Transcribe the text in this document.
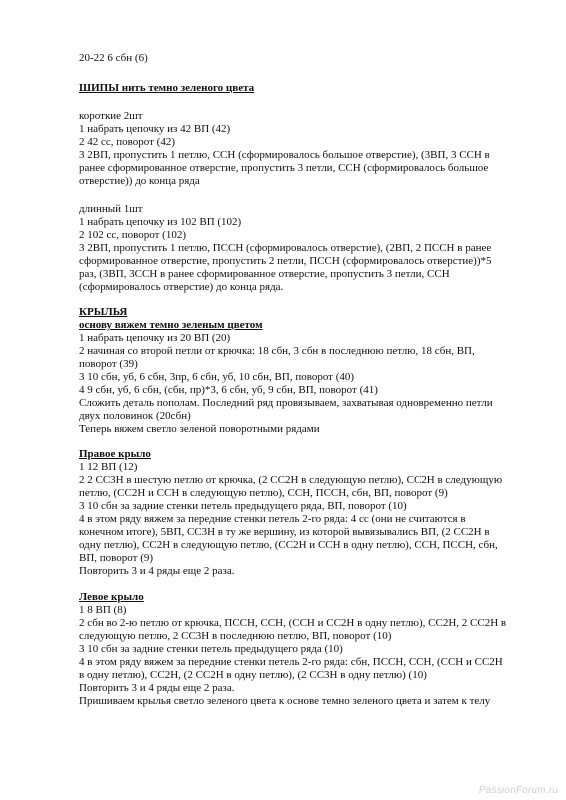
20-22 6 сбн (6)
ШИПЫ нить темно зеленого цвета
короткие 2шт
1 набрать цепочку из 42 ВП (42)
2 42 сс, поворот (42)
3 2ВП, пропустить 1 петлю, ССН (сформировалось большое отверстие), (3ВП, 3 ССН в
ранее сформированное отверстие, пропустить 3 петли, ССН (сформировалось большое
отверстие)) до конца ряда
длинный 1шт
1 набрать цепочку из 102 ВП (102)
2 102 сс, поворот (102)
3 2ВП, пропустить 1 петлю, ПССН (сформировалось отверстие), (2ВП, 2 ПССН в ранее
сформированное отверстие, пропустить 2 петли, ПССН (сформировалось отверстие))*5
раз, (3ВП, 3ССН в ранее сформированное отверстие, пропустить 3 петли, ССН
(сформировалось отверстие) до конца ряда.
КРЫЛЬЯ
основу вяжем темно зеленым цветом
1 набрать цепочку из 20 ВП (20)
2 начиная со второй петли от крючка: 18 сбн, 3 сбн в последнюю петлю, 18 сбн, ВП,
поворот (39)
3 10 сбн, уб, 6 сбн, 3пр, 6 сбн, уб, 10 сбн, ВП, поворот (40)
4 9 сбн, уб, 6 сбн, (сбн, пр)*3, 6 сбн, уб, 9 сбн, ВП, поворот (41)
Сложить деталь пополам. Последний ряд провязываем, захватывая одновременно петли
двух половинок (20сбн)
Теперь вяжем светло зеленой поворотными рядами
Правое крыло
1 12 ВП (12)
2 2 СС3Н в шестую петлю от крючка, (2 СС2Н в следующую петлю), СС2Н в следующую
петлю, (СС2Н и ССН в следующую петлю), ССН, ПССН, сбн, ВП, поворот (9)
3 10 сбн за задние стенки петель предыдущего ряда, ВП, поворот (10)
4 в этом ряду вяжем за передние стенки петель 2-го ряда: 4 сс (они не считаются в
конечном итоге), 5ВП, СС3Н в ту же вершину, из которой вывязывались ВП, (2 СС2Н в
одну петлю), СС2Н в следующую петлю, (СС2Н и ССН в одну петлю), ССН, ПССН, сбн,
ВП, поворот (9)
Повторить 3 и 4 ряды еще 2 раза.
Левое крыло
1 8 ВП (8)
2 сбн во 2-ю петлю от крючка, ПССН, ССН, (ССН и СС2Н в одну петлю), СС2Н, 2 СС2Н в
следующую петлю, 2 СС3Н в последнюю петлю, ВП, поворот (10)
3 10 сбн за задние стенки петель предыдущего ряда (10)
4 в этом ряду вяжем за передние стенки петель 2-го ряда: сбн, ПССН, ССН, (ССН и СС2Н
в одну петлю), СС2Н, (2 СС2Н в одну петлю), (2 СС3Н в одну петлю) (10)
Повторить 3 и 4 ряды еще 2 раза.
Пришиваем крылья светло зеленого цвета к основе темно зеленого цвета и затем к телу
PassionForum.ru
